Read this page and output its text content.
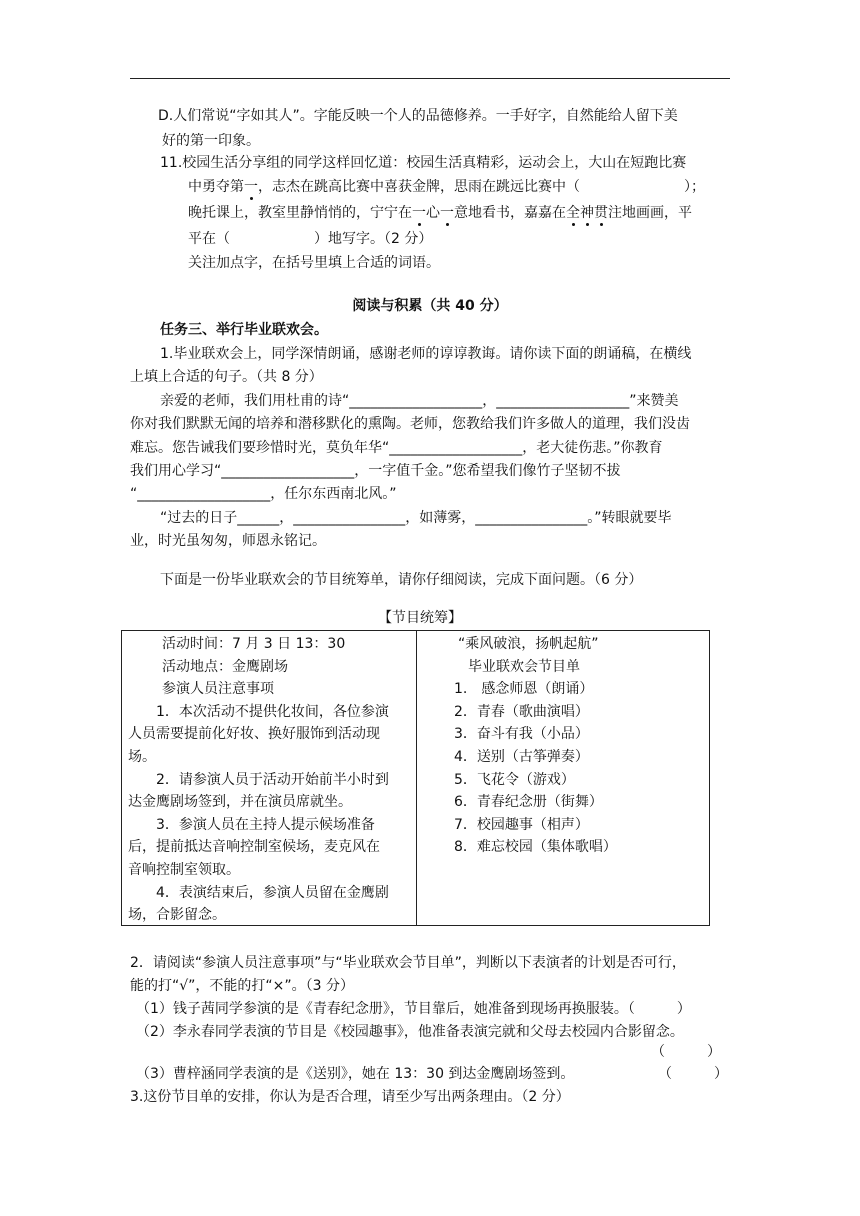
D.人们常说“字如其人”。字能反映一个人的品德修养。一手好字，自然能给人留下美
好的第一印象。
11.校园生活分享组的同学这样回忆道：校园生活真精彩，运动会上，大山在短跑比赛
中勇夺第一，志杰在跳高比赛中喜获金牌，思雨在跳远比赛中（	）；
晚托课上，教室里静悄悄的，宁宁在一心一意地看书，嘉嘉在全神贯注地画画，平
平在（　　　　　　）地写字。（2 分）
关注加点字，在括号里填上合适的词语。
阅读与积累（共 40 分）
任务三、举行毕业联欢会。
1.毕业联欢会上，同学深情朗诵，感谢老师的谆谆教诲。请你读下面的朗诵稿，在横线
上填上合适的句子。（共 8 分）
亲爱的老师，我们用杜甫的诗“___________________，___________________”来赞美
你对我们默默无闻的培养和潜移默化的熏陶。老师，您教给我们许多做人的道理，我们没齿
难忘。您告诫我们要珍惜时光，莫负年华“___________________，老大徒伤悲。”你教育
我们用心学习“___________________，一字值千金。”您希望我们像竹子坚韧不拔
“___________________，任尔东西南北风。”
“过去的日子______，________________，如薄雾，________________。”转眼就要毕
业，时光虽匆匆，师恩永铭记。
下面是一份毕业联欢会的节目统筹单，请你仔细阅读，完成下面问题。（6 分）
【节目统筹】
活动时间：7 月 3 日 13：30
活动地点：金鹰剧场
参演人员注意事项
1．本次活动不提供化妆间，各位参演
人员需要提前化好妆、换好服饰到活动现
场。
2．请参演人员于活动开始前半小时到
达金鹰剧场签到，并在演员席就坐。
3．参演人员在主持人提示候场准备
后，提前抵达音响控制室候场，麦克风在
音响控制室领取。
4．表演结束后，参演人员留在金鹰剧
场，合影留念。
“乘风破浪，扬帆起航”
毕业联欢会节目单
1.　感念师恩（朗诵）
2．青春（歌曲演唱）
3．奋斗有我（小品）
4．送别（古筝弹奏）
5．飞花令（游戏）
6．青春纪念册（街舞）
7．校园趣事（相声）
8．难忘校园（集体歌唱）
2．请阅读“参演人员注意事项”与“毕业联欢会节目单”，判断以下表演者的计划是否可行，
能的打“√”，不能的打“×”。（3 分）
（1）钱子茜同学参演的是《青春纪念册》，节目靠后，她准备到现场再换服装。（　　　）
（2）李永春同学表演的节目是《校园趣事》，他准备表演完就和父母去校园内合影留念。
（　　　）
（3）曹梓涵同学表演的是《送别》，她在 13：30 到达金鹰剧场签到。	（　　　）
3.这份节目单的安排，你认为是否合理，请至少写出两条理由。（2 分）
